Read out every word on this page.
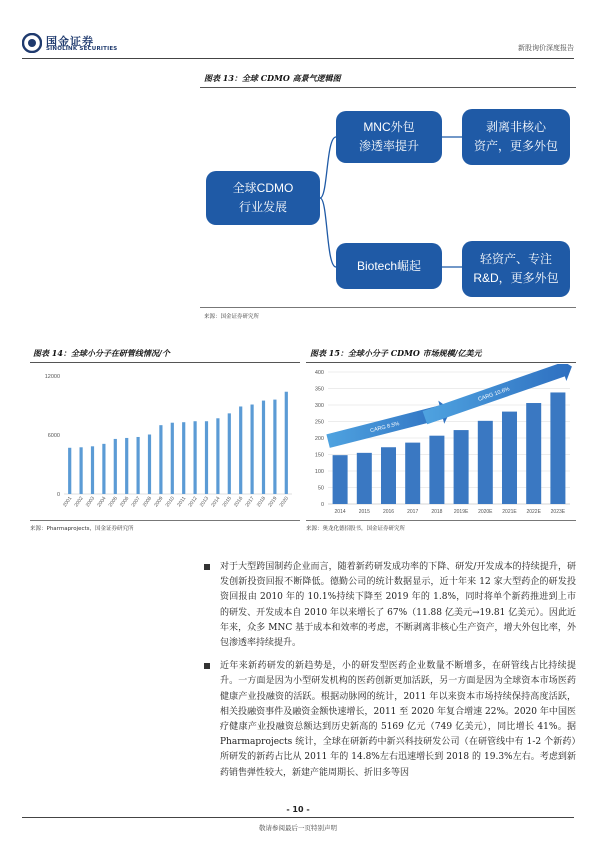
国金证券
SINOLINK SECURITIES	新股询价深度报告
图表 13：全球 CDMO 高景气逻辑图
全球CDMO
行业发展
MNC外包
渗透率提升
剥离非核心
资产，更多外包
Biotech崛起	轻资产、专注
R&D，更多外包
来源：国金证券研究所
图表 14：全球小分子在研管线情况/个
0
6000
12000
2001 2002 2003 2004 2005 2006 2007 2008 2009 2010 2011 2012 2013 2014 2015 2016 2017 2018 2019 2020
来源：Pharmaprojects，国金证券研究所
图表 15：全球小分子 CDMO 市场规模/亿美元
0
50
100
150
200
250
300
350
400
2014	2015	2016	2017	2018 2019E 2020E 2021E 2022E 2023E
CARG 8.5%
CARG 10.6%
来源：奥龙化德招股书，国金证券研究所
对于大型跨国制药企业而言，随着新药研发成功率的下降、研发/开发成本的持续提升，研发创新投资回报不断降低。德勤公司的统计数据显示，近十年来 12 家大型药企的研发投资回报由 2010 年的 10.1%持续下降至 2019 年的 1.8%，同时将单个新药推进到上市的研发、开发成本自 2010 年以来增长了 67%（11.88 亿美元→19.81 亿美元）。因此近年来，众多 MNC 基于成本和效率的考虑，不断剥离非核心生产资产，增大外包比率，外包渗透率持续提升。
近年来新药研发的新趋势是，小的研发型医药企业数量不断增多，在研管线占比持续提升。一方面是因为小型研发机构的医药创新更加活跃，另一方面是因为全球资本市场医药健康产业投融资的活跃。根据动脉网的统计，2011 年以来资本市场持续保持高度活跃，相关投融资事件及融资金额快速增长，2011 至 2020 年复合增速 22%。2020 年中国医疗健康产业投融资总额达到历史新高的 5169 亿元（749 亿美元），同比增长 41%。据 Pharmaprojects 统计，全球在研新药中新兴科技研发公司（在研管线中有 1-2 个新药）所研发的新药占比从 2011 年的 14.8%左右迅速增长到 2018 的 19.3%左右。考虑到新药销售弹性较大，新建产能周期长、折旧多等因
- 10 -
敬请参阅最后一页特别声明
